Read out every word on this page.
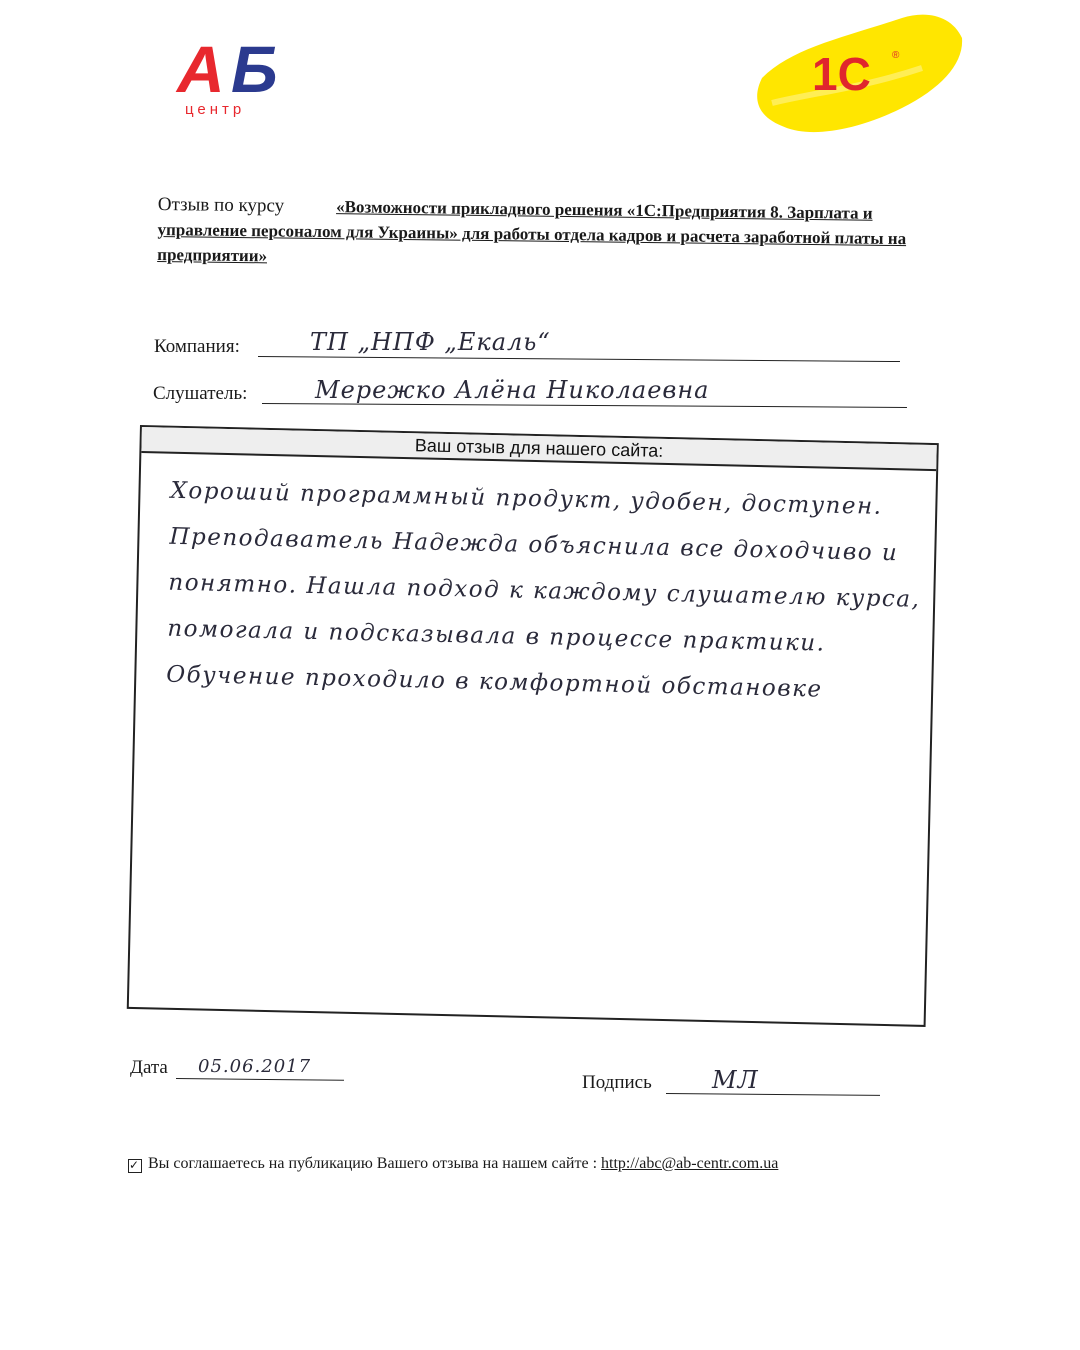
А Б
центр
1С ®
Отзыв по курсу	«Возможности прикладного решения «1С:Предприятия 8. Зарплата и управление персоналом для Украины» для работы отдела кадров и расчета заработной платы на предприятии»
Компания:	ТП „НПФ „Екаль“
Слушатель:	Мережко Алёна Николаевна
Ваш отзыв для нашего сайта:
Хороший программный продукт, удобен, доступен.
Преподаватель Надежда объяснила все доходчиво и понятно. Нашла подход к каждому слушателю курса, помогала и подсказывала в процессе практики.
Обучение проходило в комфортной обстановке
Дата 05.06.2017
Подпись	МЛ
✓ Вы соглашаетесь на публикацию Вашего отзыва на нашем сайте : http://abc@ab-centr.com.ua
